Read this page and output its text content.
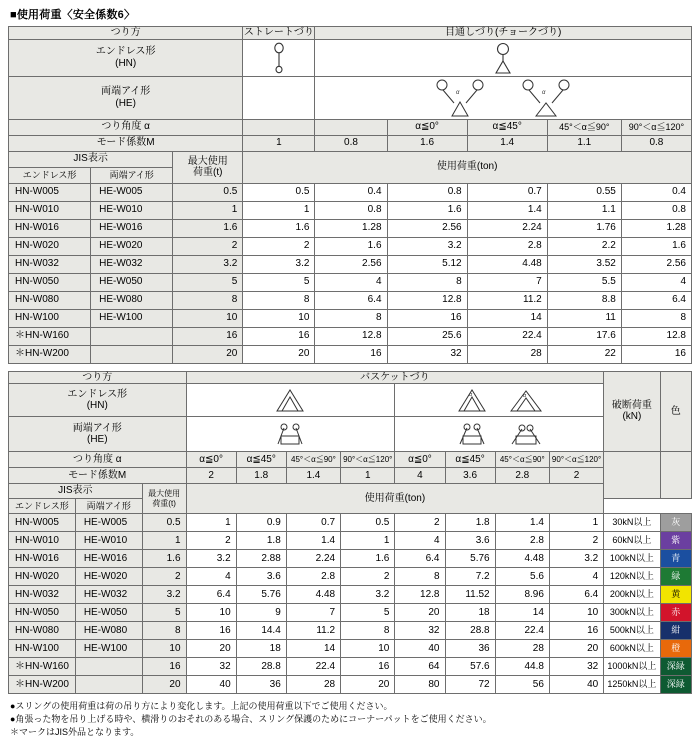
■使用荷重〈安全係数6〉
つり方			ストレートづり	目通しづり(チョークづり)				

エンドレス形
(HN)

両端アイ形
(HE)

α	α

つり角度 α					α≦0°	α≦45°	45°＜α≦90°	90°＜α≦120°
モード係数M			1	0.8	1.6	1.4	1.1	0.8
JIS表示		最大使用
荷重(t)	使用荷重(ton)					
エンドレス形	両端アイ形							
HN-W005	HE-W005	0.5	0.5	0.4	0.8	0.7	0.55	0.4
HN-W010	HE-W010	1	1	0.8	1.6	1.4	1.1	0.8
HN-W016	HE-W016	1.6	1.6	1.28	2.56	2.24	1.76	1.28
HN-W020	HE-W020	2	2	1.6	3.2	2.8	2.2	1.6
HN-W032	HE-W032	3.2	3.2	2.56	5.12	4.48	3.52	2.56
HN-W050	HE-W050	5	5	4	8	7	5.5	4
HN-W080	HE-W080	8	8	6.4	12.8	11.2	8.8	6.4
HN-W100	HE-W100	10	10	8	16	14	11	8
＊HN-W160		16	16	12.8	25.6	22.4	17.6	12.8
＊HN-W200		20	20	16	32	28	22	16
つり方			バスケットづり								破断荷重
(kN)	色

エンドレス形
(HN)

α	α

両端アイ形
(HE)

つり角度 α			α≦0°	α≦45°	45°＜α≦90°	90°＜α≦120°	α≦0°	α≦45°	45°＜α≦90°	90°＜α≦120°		
モード係数M			2	1.8	1.4	1	4	3.6	2.8	2		
JIS表示		最大使用
荷重(t)	使用荷重(ton)									
エンドレス形	両端アイ形											
HN-W005	HE-W005	0.5	1	0.9	0.7	0.5	2	1.8	1.4	1	30kN以上	灰
HN-W010	HE-W010	1	2	1.8	1.4	1	4	3.6	2.8	2	60kN以上	紫
HN-W016	HE-W016	1.6	3.2	2.88	2.24	1.6	6.4	5.76	4.48	3.2	100kN以上	青
HN-W020	HE-W020	2	4	3.6	2.8	2	8	7.2	5.6	4	120kN以上	緑
HN-W032	HE-W032	3.2	6.4	5.76	4.48	3.2	12.8	11.52	8.96	6.4	200kN以上	黄
HN-W050	HE-W050	5	10	9	7	5	20	18	14	10	300kN以上	赤
HN-W080	HE-W080	8	16	14.4	11.2	8	32	28.8	22.4	16	500kN以上	紺
HN-W100	HE-W100	10	20	18	14	10	40	36	28	20	600kN以上	橙
＊HN-W160		16	32	28.8	22.4	16	64	57.6	44.8	32	1000kN以上	深緑
＊HN-W200		20	40	36	28	20	80	72	56	40	1250kN以上	深緑
●スリングの使用荷重は荷の吊り方により変化します。上記の使用荷重以下でご使用ください。
●角張った物を吊り上げる時や、横滑りのおそれのある場合、スリング保護のためにコーナーパットをご使用ください。
＊マークはJIS外品となります。
